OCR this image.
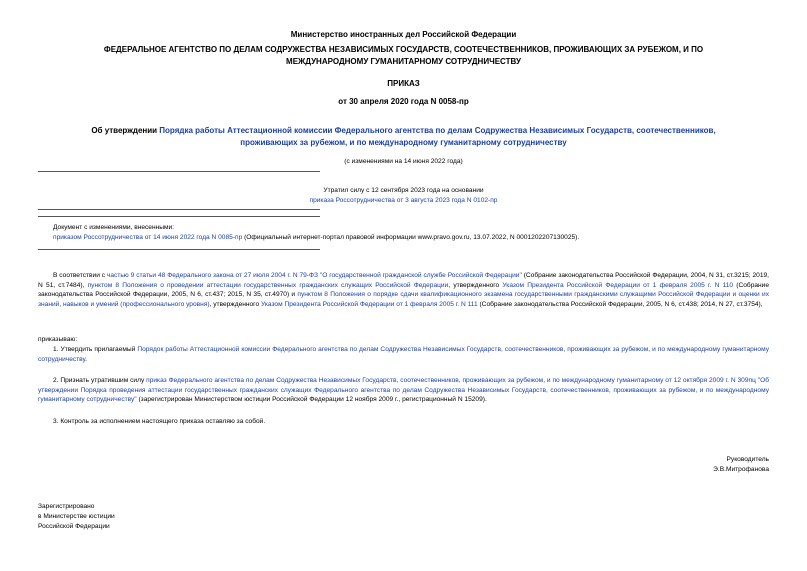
Министерство иностранных дел Российской Федерации
ФЕДЕРАЛЬНОЕ АГЕНТСТВО ПО ДЕЛАМ СОДРУЖЕСТВА НЕЗАВИСИМЫХ ГОСУДАРСТВ, СООТЕЧЕСТВЕННИКОВ, ПРОЖИВАЮЩИХ ЗА РУБЕЖОМ, И ПО
МЕЖДУНАРОДНОМУ ГУМАНИТАРНОМУ СОТРУДНИЧЕСТВУ
ПРИКАЗ
от 30 апреля 2020 года N 0058-пр
Об утверждении Порядка работы Аттестационной комиссии Федерального агентства по делам Содружества Независимых Государств, соотечественников,
проживающих за рубежом, и по международному гуманитарному сотрудничеству
(с изменениями на 14 июня 2022 года)
Утратил силу с 12 сентября 2023 года на основании
приказа Россотрудничества от 3 августа 2023 года N 0102-пр
Документ с изменениями, внесенными:
приказом Россотрудничества от 14 июня 2022 года N 0085-пр (Официальный интернет-портал правовой информации www.pravo.gov.ru, 13.07.2022, N 0001202207130025).
В соответствии с частью 9 статьи 48 Федерального закона от 27 июля 2004 г. N 79-ФЗ "О государственной гражданской службе Российской Федерации" (Собрание законодательства Российской Федерации, 2004, N 31, ст.3215; 2019, N 51, ст.7484), пунктом 8 Положения о проведении аттестации государственных гражданских служащих Российской Федерации, утвержденного Указом Президента Российской Федерации от 1 февраля 2005 г. N 110 (Собрание законодательства Российской Федерации, 2005, N 6, ст.437; 2015, N 35, ст.4970) и пунктом 8 Положения о порядке сдачи квалификационного экзамена государственными гражданскими служащими Российской Федерации и оценки их знаний, навыков и умений (профессионального уровня), утвержденного Указом Президента Российской Федерации от 1 февраля 2005 г. N 111 (Собрание законодательства Российской Федерации, 2005, N 6, ст.438; 2014, N 27, ст.3754),
приказываю:
1. Утвердить прилагаемый Порядок работы Аттестационной комиссии Федерального агентства по делам Содружества Независимых Государств, соотечественников, проживающих за рубежом, и по международному гуманитарному сотрудничеству.
2. Признать утратившим силу приказ Федерального агентства по делам Содружества Независимых Государств, соотечественников, проживающих за рубежом, и по международному гуманитарному от 12 октября 2009 г. N 309пц "Об утверждении Порядка проведения аттестации государственных гражданских служащих Федерального агентства по делам Содружества Независимых Государств, соотечественников, проживающих за рубежом, и по международному гуманитарному сотрудничеству" (зарегистрирован Министерством юстиции Российской Федерации 12 ноября 2009 г., регистрационный N 15209).
3. Контроль за исполнением настоящего приказа оставляю за собой.
Руководитель
Э.В.Митрофанова
Зарегистрировано
в Министерстве юстиции
Российской Федерации
